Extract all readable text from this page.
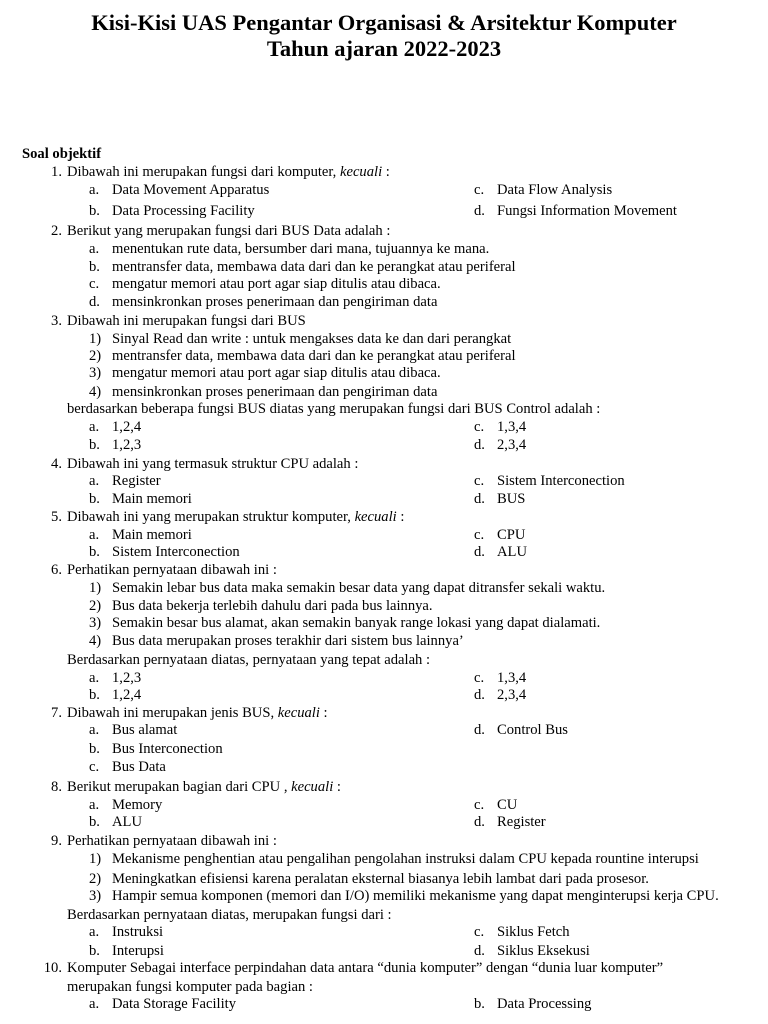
Kisi-Kisi UAS Pengantar Organisasi & Arsitektur Komputer
Tahun ajaran 2022-2023
Soal objektif
1. Dibawah ini merupakan fungsi dari komputer, kecuali :
a. Data Movement Apparatus	c. Data Flow Analysis
b. Data Processing Facility	d. Fungsi Information Movement
2. Berikut yang merupakan fungsi dari BUS Data adalah :
a. menentukan rute data, bersumber dari mana, tujuannya ke mana.
b. mentransfer data, membawa data dari dan ke perangkat atau periferal
c. mengatur memori atau port agar siap ditulis atau dibaca.
d. mensinkronkan proses penerimaan dan pengiriman data
3. Dibawah ini merupakan fungsi dari BUS
1) Sinyal Read dan write : untuk mengakses data ke dan dari perangkat
2) mentransfer data, membawa data dari dan ke perangkat atau periferal
3) mengatur memori atau port agar siap ditulis atau dibaca.
4) mensinkronkan proses penerimaan dan pengiriman data
berdasarkan beberapa fungsi BUS diatas yang merupakan fungsi dari BUS Control adalah :
a. 1,2,4	c. 1,3,4
b. 1,2,3	d. 2,3,4
4. Dibawah ini yang termasuk struktur CPU adalah :
a. Register	c. Sistem Interconection
b. Main memori	d. BUS
5. Dibawah ini yang merupakan struktur komputer, kecuali :
a. Main memori	c. CPU
b. Sistem Interconection	d. ALU
6. Perhatikan pernyataan dibawah ini :
1) Semakin lebar bus data maka semakin besar data yang dapat ditransfer sekali waktu.
2) Bus data bekerja terlebih dahulu dari pada bus lainnya.
3) Semakin besar bus alamat, akan semakin banyak range lokasi yang dapat dialamati.
4) Bus data merupakan proses terakhir dari sistem bus lainnya’
Berdasarkan pernyataan diatas, pernyataan yang tepat adalah :
a. 1,2,3	c. 1,3,4
b. 1,2,4	d. 2,3,4
7. Dibawah ini merupakan jenis BUS, kecuali :
a. Bus alamat	d. Control Bus
b. Bus Interconection
c. Bus Data
8. Berikut merupakan bagian dari CPU , kecuali :
a. Memory	c. CU
b. ALU	d. Register
9. Perhatikan pernyataan dibawah ini :
1) Mekanisme penghentian atau pengalihan pengolahan instruksi dalam CPU kepada rountine interupsi
2) Meningkatkan efisiensi karena peralatan eksternal biasanya lebih lambat dari pada prosesor.
3) Hampir semua komponen (memori dan I/O) memiliki mekanisme yang dapat menginterupsi kerja CPU.
Berdasarkan pernyataan diatas, merupakan fungsi dari :
a. Instruksi	c. Siklus Fetch
b. Interupsi	d. Siklus Eksekusi
10. Komputer Sebagai interface perpindahan data antara “dunia komputer” dengan “dunia luar komputer”
merupakan fungsi komputer pada bagian :
a. Data Storage Facility	b. Data Processing
